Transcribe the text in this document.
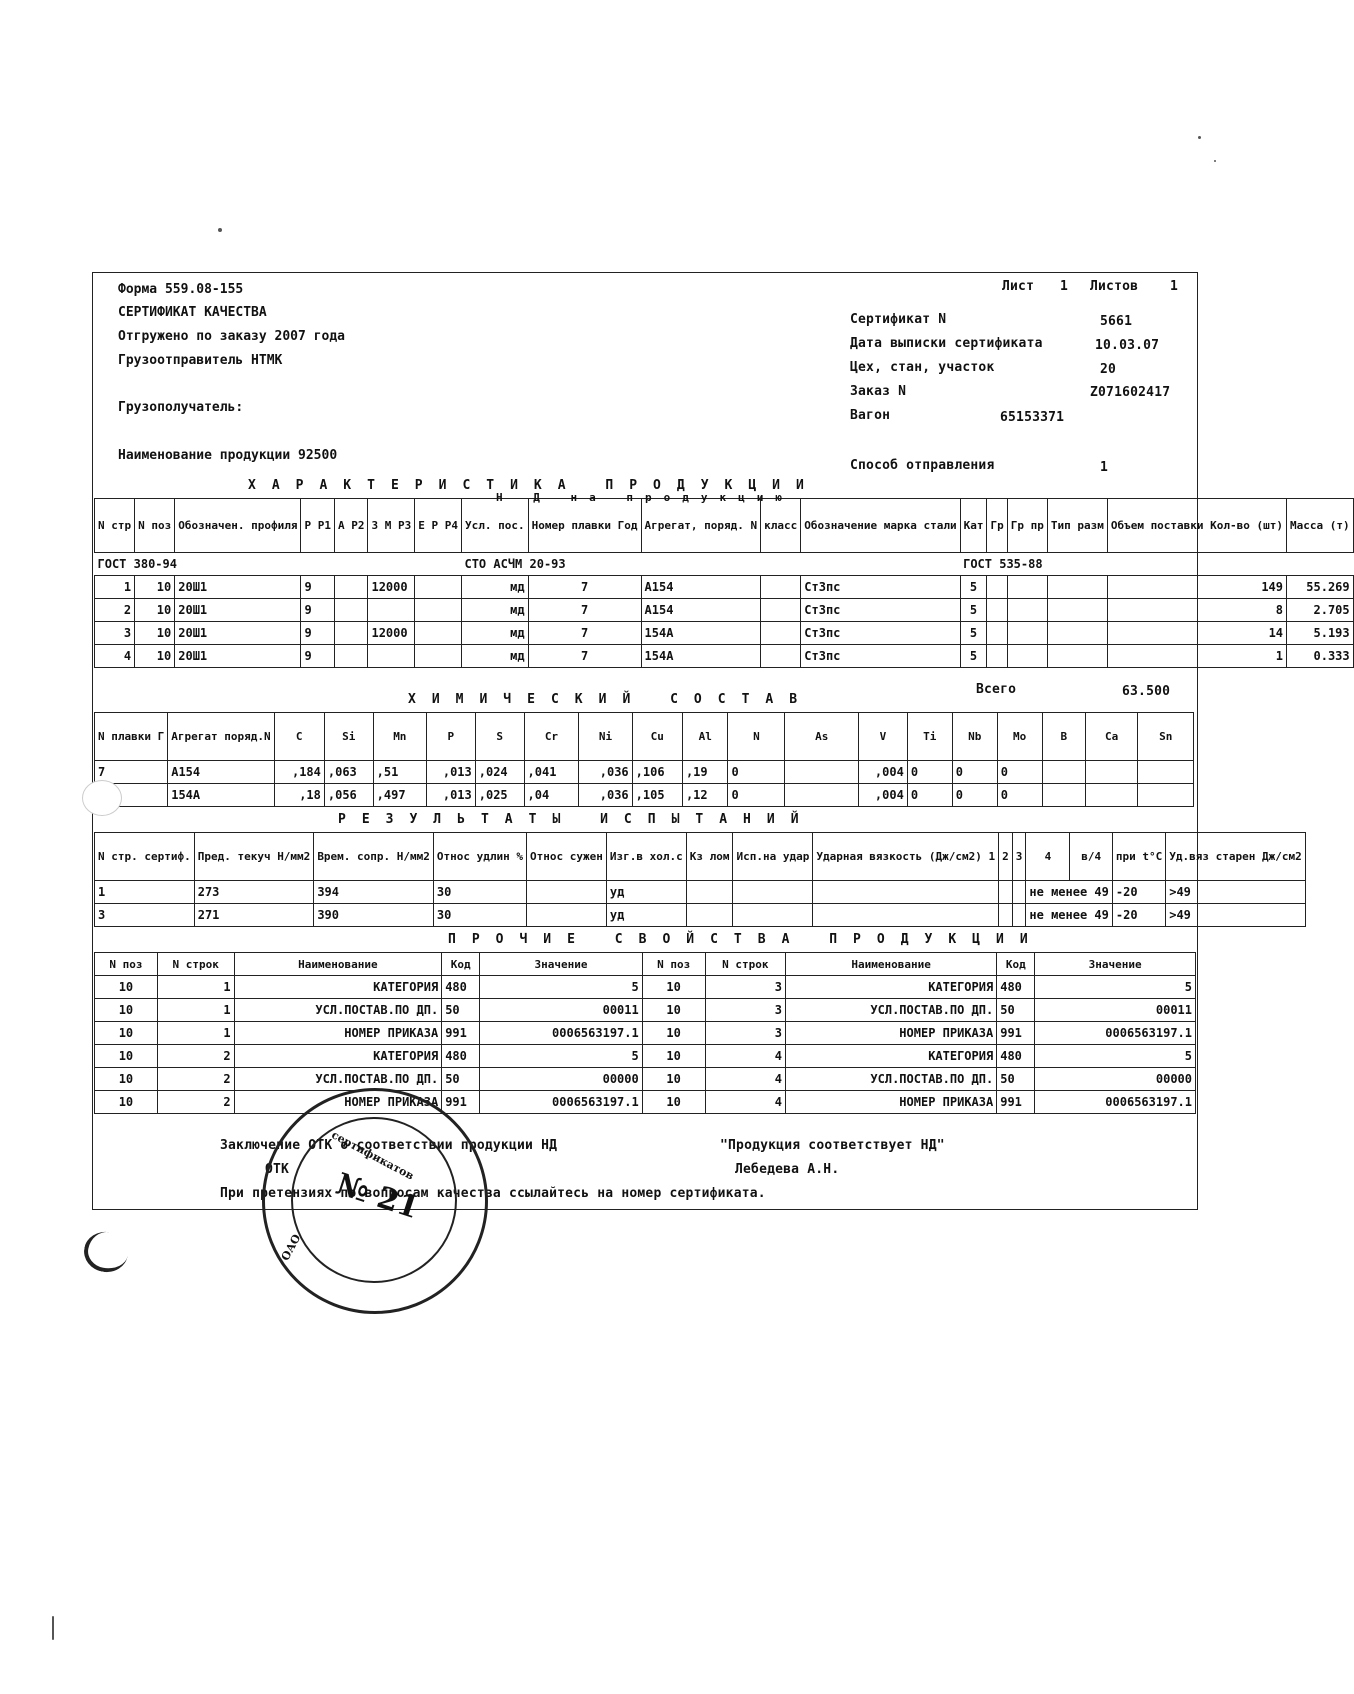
Форма 559.08-155
СЕРТИФИКАТ КАЧЕСТВА
Отгружено по заказу 2007 года
Грузоотправитель НТМК
Грузополучатель:
Наименование продукции 92500
Лист 1 Листов 1
Сертификат N	5661
Дата выписки сертификата	10.03.07
Цех, стан, участок	20
Заказ N	Z071602417
Вагон	65153371
Способ отправления	1
ХАРАКТЕРИСТИКА ПРОДУКЦИИ
N стр	N поз	Обозначен. профиля	Р Р1	А Р2	З М Р3	Е Р Р4	Усл. пос.	Номер плавки Год	Агрегат, поряд. N	класс	Обозначение марка стали	Кат	Гр	Гр пр	Тип разм	Объем поставки Кол-во (шт)	Масса (т)
ГОСТ 380-94							СТО АСЧМ 20-93					ГОСТ 535-88					
1	10	20Ш1	9		12000		мд	7	А154		Ст3пс	5				149	55.269
2	10	20Ш1	9				мд	7	А154		Ст3пс	5				8	2.705
3	10	20Ш1	9		12000		мд	7	154А		Ст3пс	5				14	5.193
4	10	20Ш1	9				мд	7	154А		Ст3пс	5				1	0.333
Н Д на продукцию
Всего	63.500
ХИМИЧЕСКИЙ СОСТАВ
N плавки Г	Агрегат поряд.N	C	Si	Mn	P	S	Cr	Ni	Cu	Al	N	As	V	Ti	Nb	Mo	B	Ca	Sn
7	А154	,184	,063	,51	,013	,024	,041	,036	,106	,19	0		,004	0	0	0			
	154А	,18	,056	,497	,013	,025	,04	,036	,105	,12	0		,004	0	0	0			
РЕЗУЛЬТАТЫ ИСПЫТАНИЙ
N стр. сертиф.	Пред. текуч Н/мм2	Врем. сопр. Н/мм2	Относ удлин %	Относ сужен	Изг.в хол.с	Кз лом	Исп.на удар	Ударная вязкость (Дж/см2) 1	2	3	4	в/4	при t°C	Уд.вяз старен Дж/см2
1	273	394	30		уд						не менее 49		-20	>49
3	271	390	30		уд						не менее 49		-20	>49
ПРОЧИЕ СВОЙСТВА ПРОДУКЦИИ
N поз	N строк	Наименование	Код	Значение	N поз	N строк	Наименование	Код	Значение
10	1	КАТЕГОРИЯ	480	5	10	3	КАТЕГОРИЯ	480	5
10	1	УСЛ.ПОСТАВ.ПО ДП.	50	00011	10	3	УСЛ.ПОСТАВ.ПО ДП.	50	00011
10	1	НОМЕР ПРИКАЗА	991	0006563197.1	10	3	НОМЕР ПРИКАЗА	991	0006563197.1
10	2	КАТЕГОРИЯ	480	5	10	4	КАТЕГОРИЯ	480	5
10	2	УСЛ.ПОСТАВ.ПО ДП.	50	00000	10	4	УСЛ.ПОСТАВ.ПО ДП.	50	00000
10	2	НОМЕР ПРИКАЗА	991	0006563197.1	10	4	НОМЕР ПРИКАЗА	991	0006563197.1
Заключение ОТК о соответствии продукции НД	"Продукция соответствует НД"
ОТК	Лебедева А.Н.
При претензиях по вопросам качества ссылайтесь на номер сертификата.
№ 21
сертификатов
ОАО
